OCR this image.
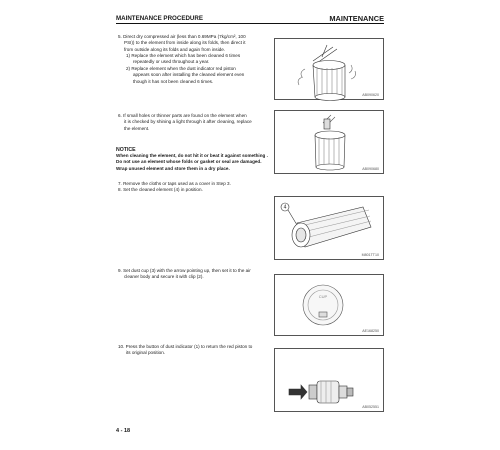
MAINTENANCE PROCEDURE	MAINTENANCE
5. Direct dry compressed air (less than 0.69MPa (7kg/cm², 100
PSI)) to the element from inside along its folds, then direct it
from outside along its folds and again from inside.
1) Replace the element which has been cleaned 6 times
repeatedly or used throughout a year.
2) Replace element when the dust indicator red piston
appears soon after installing the cleaned element even
though it has not been cleaned 6 times.
AB090620
6. If small holes or thinner parts are found on the element when
it is checked by shining a light through it after cleaning, replace
the element.
AB090680
NOTICE
When cleaning the element, do not hit it or beat it against something .
Do not use an element whose folds or gasket or seal are damaged.
Wrap unused element and store them in a dry place.
7. Remove the cloths or taps used as a cover in Step 3.
8. Set the cleaned element (4) in position.
4
M801TT10
9. Set dust cup (3) with the arrow pointing up, then set it to the air
cleaner body and secure it with clip (2).
CUP
AE168250
10. Press the button of dust indicator (1) to return the red piston to
its original position.
AB052551
4 - 18
